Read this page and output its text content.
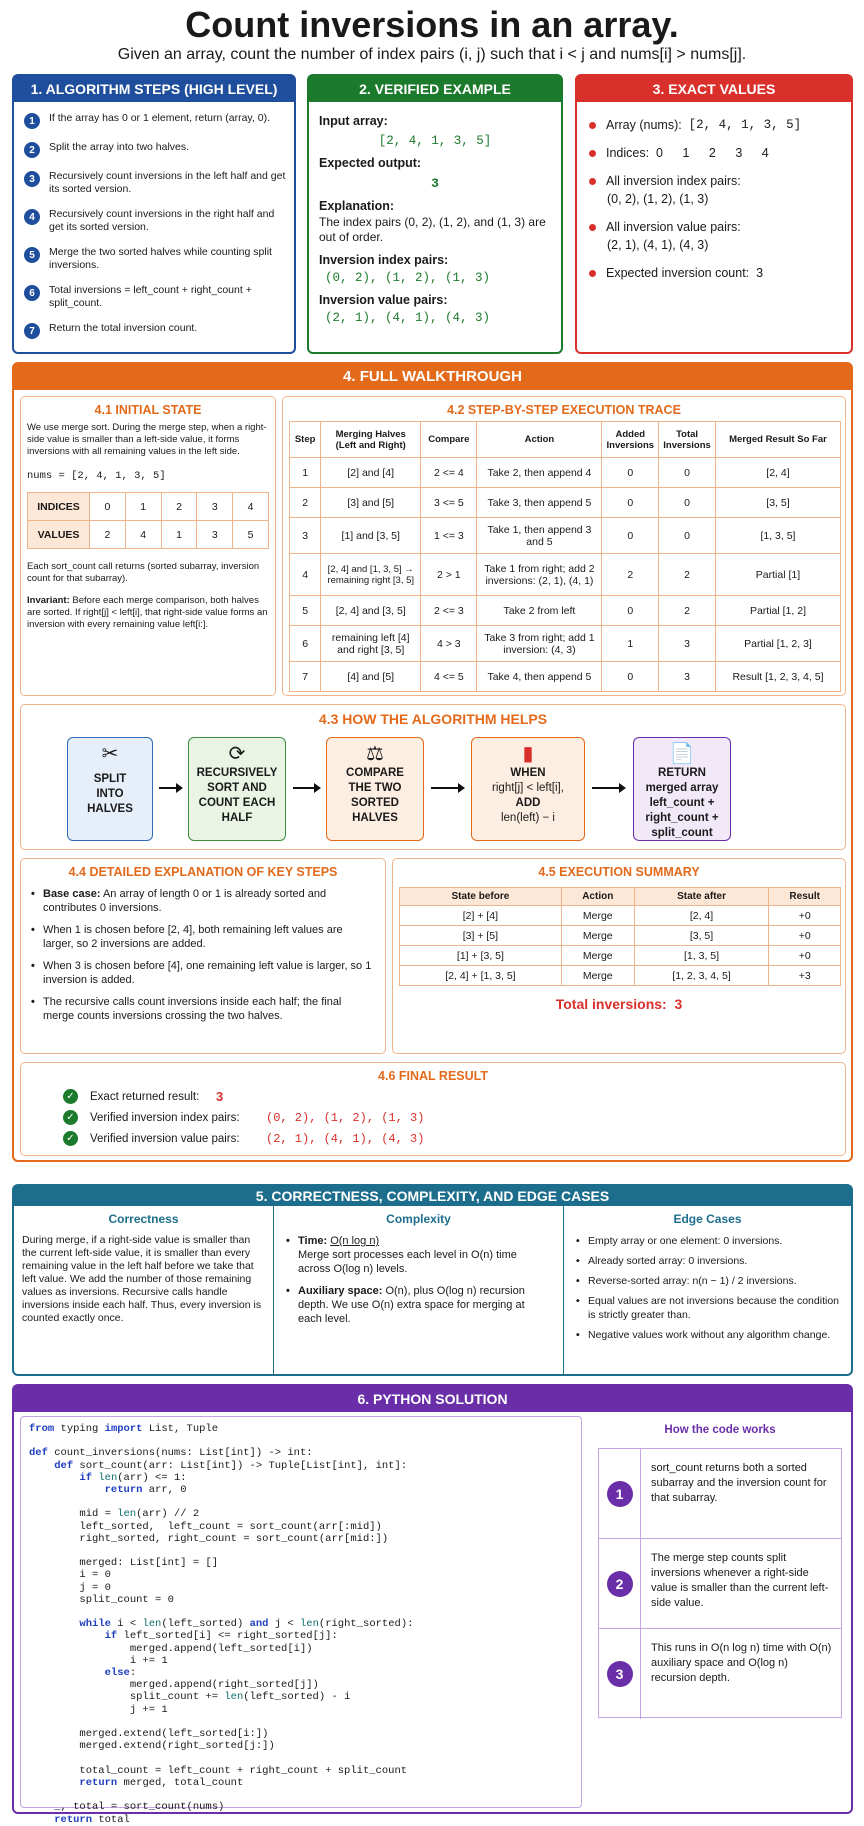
Count inversions in an array.
Given an array, count the number of index pairs (i, j) such that i < j and nums[i] > nums[j].
1. ALGORITHM STEPS (HIGH LEVEL)
1	If the array has 0 or 1 element, return (array, 0).
2	Split the array into two halves.
3	Recursively count inversions in the left half and get its sorted version.
4	Recursively count inversions in the right half and get its sorted version.
5	Merge the two sorted halves while counting split inversions.
6	Total inversions = left_count + right_count + split_count.
7	Return the total inversion count.
2. VERIFIED EXAMPLE
Input array:
[2, 4, 1, 3, 5]
Expected output:
3
Explanation:
The index pairs (0, 2), (1, 2), and (1, 3) are out of order.
Inversion index pairs:
(0, 2), (1, 2), (1, 3)
Inversion value pairs:
(2, 1), (4, 1), (4, 3)
3. EXACT VALUES
Array (nums):
[2, 4, 1, 3, 5]
Indices:
0 1 2 3 4
All inversion index pairs:
(0, 2), (1, 2), (1, 3)
All inversion value pairs:
(2, 1), (4, 1), (4, 3)
Expected inversion count:
3
4. FULL WALKTHROUGH
4.1 INITIAL STATE
We use merge sort. During the merge step, when a right-side value is smaller than a left-side value, it forms inversions with all remaining values in the left side.
nums = [2, 4, 1, 3, 5]
INDICES	0	1	2	3	4
VALUES	2	4	1	3	5
Each sort_count call returns (sorted subarray, inversion count for that subarray).
Invariant: Before each merge comparison, both halves are sorted. If right[j] < left[i], that right-side value forms an inversion with every remaining value left[i:].
4.2 STEP-BY-STEP EXECUTION TRACE
Step	Merging Halves (Left and Right)	Compare	Action	Added Inversions	Total Inversions	Merged Result So Far
1	[2] and [4]	2 <= 4	Take 2, then append 4	0	0	[2, 4]
2	[3] and [5]	3 <= 5	Take 3, then append 5	0	0	[3, 5]
3	[1] and [3, 5]	1 <= 3	Take 1, then append 3 and 5	0	0	[1, 3, 5]
4	[2, 4] and [1, 3, 5] → remaining right [3, 5]	2 > 1	Take 1 from right; add 2 inversions: (2, 1), (4, 1)	2	2	Partial [1]
5	[2, 4] and [3, 5]	2 <= 3	Take 2 from left	0	2	Partial [1, 2]
6	remaining left [4] and right [3, 5]	4 > 3	Take 3 from right; add 1 inversion: (4, 3)	1	3	Partial [1, 2, 3]
7	[4] and [5]	4 <= 5	Take 4, then append 5	0	3	Result [1, 2, 3, 4, 5]
4.3 HOW THE ALGORITHM HELPS
✂
SPLIT
INTO
HALVES
⟳
RECURSIVELY
SORT AND
COUNT EACH
HALF
⚖
COMPARE
THE TWO
SORTED
HALVES
▮
WHEN
right[j] < left[i],
ADD
len(left) − i
📄
RETURN
merged array
left_count +
right_count +
split_count
4.4 DETAILED EXPLANATION OF KEY STEPS
• Base case: An array of length 0 or 1 is already sorted and contributes 0 inversions.
• When 1 is chosen before [2, 4], both remaining left values are larger, so 2 inversions are added.
• When 3 is chosen before [4], one remaining left value is larger, so 1 inversion is added.
• The recursive calls count inversions inside each half; the final merge counts inversions crossing the two halves.
4.5 EXECUTION SUMMARY
State before	Action	State after	Result
[2] + [4]	Merge	[2, 4]	+0
[3] + [5]	Merge	[3, 5]	+0
[1] + [3, 5]	Merge	[1, 3, 5]	+0
[2, 4] + [1, 3, 5]	Merge	[1, 2, 3, 4, 5]	+3
Total inversions: 3
4.6 FINAL RESULT
✓ Exact returned result:	3
✓ Verified inversion index pairs:	(0, 2), (1, 2), (1, 3)
✓ Verified inversion value pairs:	(2, 1), (4, 1), (4, 3)
5. CORRECTNESS, COMPLEXITY, AND EDGE CASES
Correctness
During merge, if a right-side value is smaller than the current left-side value, it is smaller than every remaining value in the left half before we take that left value. We add the number of those remaining values as inversions. Recursive calls handle inversions inside each half. Thus, every inversion is counted exactly once.
Complexity
• Time: O(n log n)
Merge sort processes each level in O(n) time across O(log n) levels.
• Auxiliary space: O(n), plus O(log n) recursion depth. We use O(n) extra space for merging at each level.
Edge Cases
• Empty array or one element: 0 inversions.
• Already sorted array: 0 inversions.
• Reverse-sorted array: n(n − 1) / 2 inversions.
• Equal values are not inversions because the condition is strictly greater than.
• Negative values work without any algorithm change.
6. PYTHON SOLUTION
from typing import List, Tuple

def count_inversions(nums: List[int]) -> int:
def sort_count(arr: List[int]) -> Tuple[List[int], int]:
if len(arr) <= 1:
return arr, 0

mid = len(arr) // 2
left_sorted,  left_count = sort_count(arr[:mid])
right_sorted, right_count = sort_count(arr[mid:])

merged: List[int] = []
i = 0
j = 0
split_count = 0

while i < len(left_sorted) and j < len(right_sorted):
if left_sorted[i] <= right_sorted[j]:
merged.append(left_sorted[i])
i += 1
else:
merged.append(right_sorted[j])
split_count += len(left_sorted) - i
j += 1

merged.extend(left_sorted[i:])
merged.extend(right_sorted[j:])

total_count = left_count + right_count + split_count
return merged, total_count

_, total = sort_count(nums)
return total

How the code works
1
sort_count returns both a sorted subarray and the inversion count for that subarray.
2
The merge step counts split inversions whenever a right-side value is smaller than the current left-side value.
3
This runs in O(n log n) time with O(n) auxiliary space and O(log n) recursion depth.
